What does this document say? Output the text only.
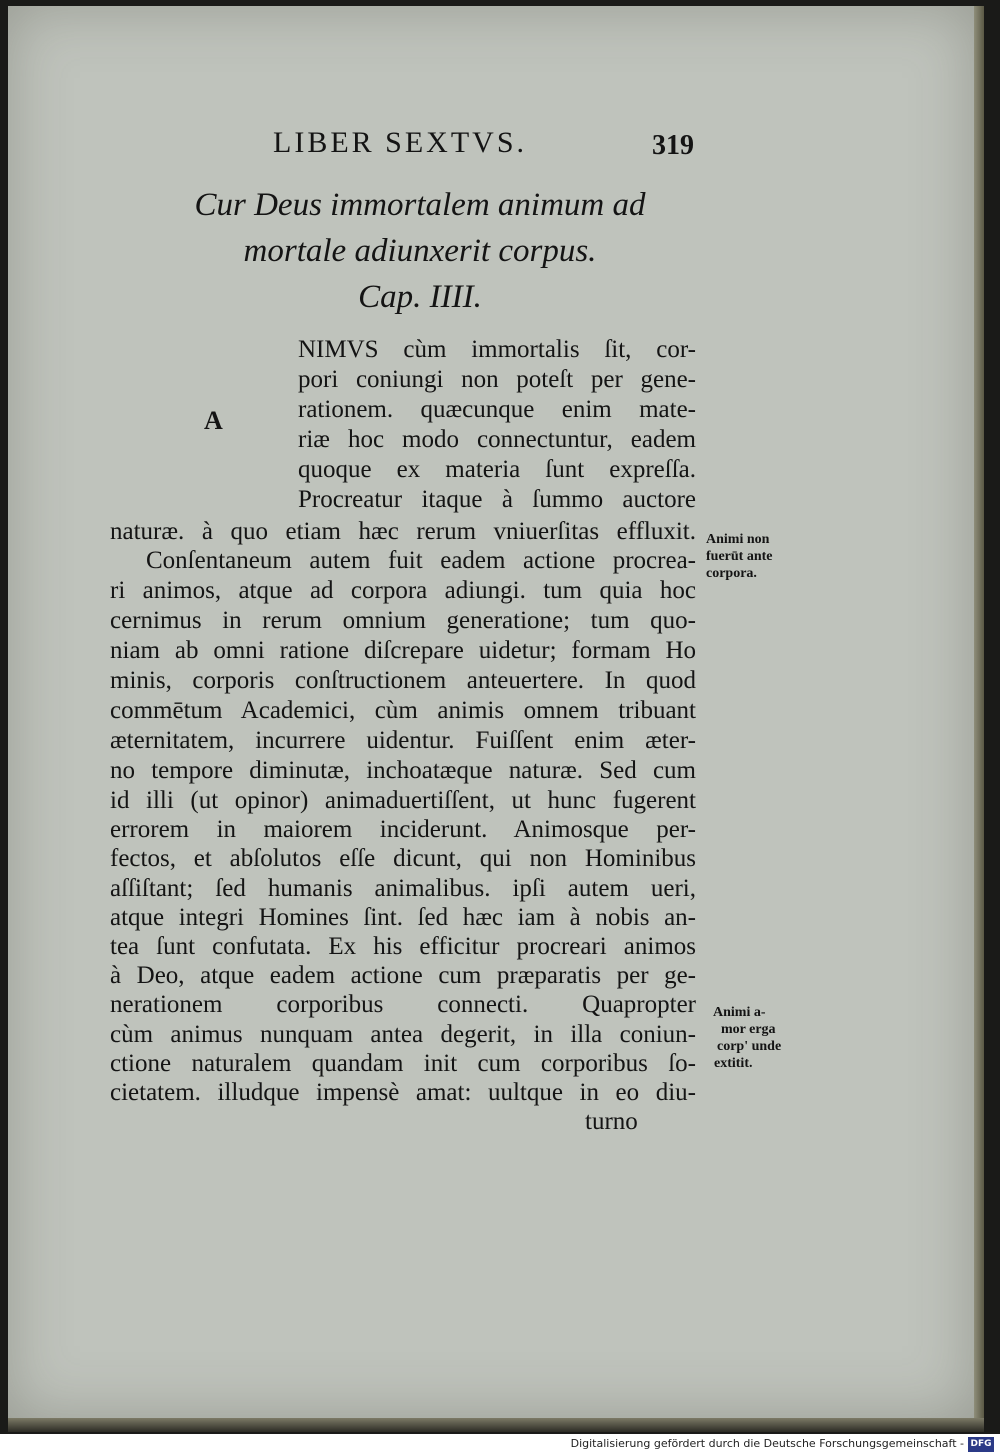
LIBER SEXTVS.	319
Cur Deus immortalem animum ad
mortale adiunxerit corpus.
Cap. IIII.
A
NIMVS cùm immortalis ſit, cor-
pori coniungi non poteſt per gene-
rationem. quæcunque enim mate-
riæ hoc modo connectuntur, eadem
quoque ex materia ſunt expreſſa.
Procreatur itaque à ſummo auctore
naturæ. à quo etiam hæc rerum vniuerſitas effluxit.
Conſentaneum autem fuit eadem actione procrea-
ri animos, atque ad corpora adiungi. tum quia hoc
cernimus in rerum omnium generatione; tum quo-
niam ab omni ratione diſcrepare uidetur; formam Ho
minis, corporis conſtructionem anteuertere. In quod
commētum Academici, cùm animis omnem tribuant
æternitatem, incurrere uidentur. Fuiſſent enim æter-
no tempore diminutæ, inchoatæque naturæ. Sed cum
id illi (ut opinor) animaduertiſſent, ut hunc fugerent
errorem in maiorem inciderunt. Animosque per-
fectos, et abſolutos eſſe dicunt, qui non Hominibus
aſſiſtant; ſed humanis animalibus. ipſi autem ueri,
atque integri Homines ſint. ſed hæc iam à nobis an-
tea ſunt confutata. Ex his efficitur procreari animos
à Deo, atque eadem actione cum præparatis per ge-
nerationem corporibus connecti. Quapropter
cùm animus nunquam antea degerit, in illa coniun-
ctione naturalem quandam init cum corporibus ſo-
cietatem. illudque impensè amat: uultque in eo diu-
turno
Animi non
fuerūt ante
corpora.
Animi a-
mor erga
corp' unde
extitit.
Digitalisierung gefördert durch die Deutsche Forschungsgemeinschaft - DFG
